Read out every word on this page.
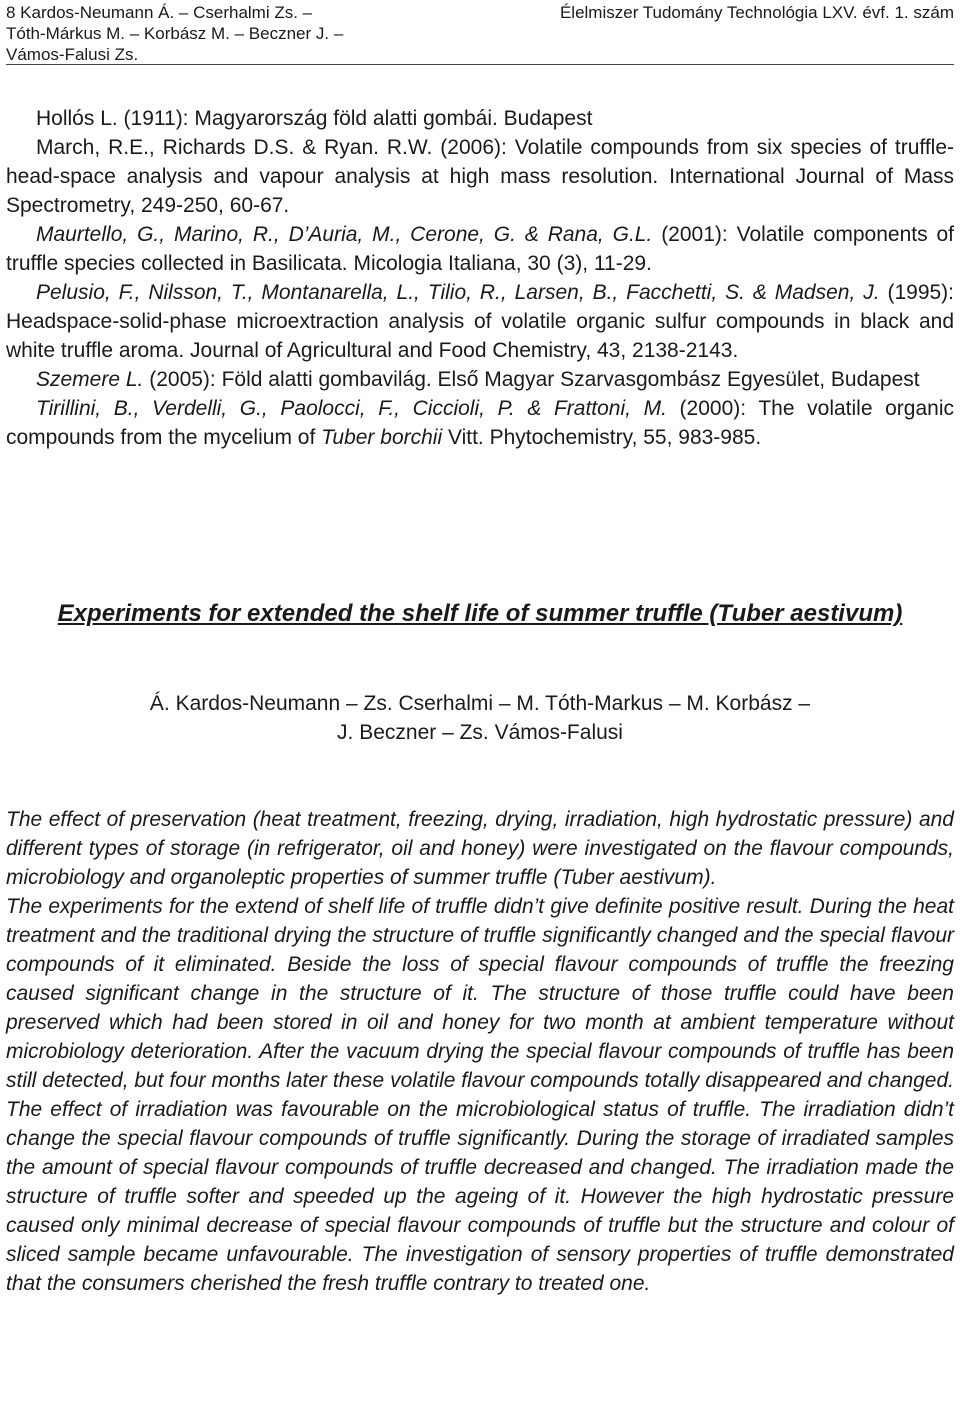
8 Kardos-Neumann Á. – Cserhalmi Zs. –
Tóth-Márkus M. – Korbász M. – Beczner J. –
Vámos-Falusi Zs.
Élelmiszer Tudomány Technológia LXV. évf. 1. szám

Hollós L. (1911): Magyarország föld alatti gombái. Budapest

March, R.E., Richards D.S. & Ryan. R.W. (2006): Volatile compounds from six species of truffle- head-space analysis and vapour analysis at high mass resolution. International Journal of Mass Spectrometry, 249-250, 60-67.

Maurtello, G., Marino, R., D’Auria, M., Cerone, G. & Rana, G.L. (2001): Volatile components of truffle species collected in Basilicata. Micologia Italiana, 30 (3), 11-29.

Pelusio, F., Nilsson, T., Montanarella, L., Tilio, R., Larsen, B., Facchetti, S. & Madsen, J. (1995): Headspace-solid-phase microextraction analysis of volatile organic sulfur compounds in black and white truffle aroma. Journal of Agricultural and Food Chemistry, 43, 2138-2143.

Szemere L. (2005): Föld alatti gombavilág. Első Magyar Szarvasgombász Egyesület, Budapest

Tirillini, B., Verdelli, G., Paolocci, F., Ciccioli, P. & Frattoni, M. (2000): The volatile organic compounds from the mycelium of Tuber borchii Vitt. Phytochemistry, 55, 983-985.

Experiments for extended the shelf life of summer truffle (Tuber aestivum)
Á. Kardos-Neumann – Zs. Cserhalmi – M. Tóth-Markus – M. Korbász –
J. Beczner – Zs. Vámos-Falusi

The effect of preservation (heat treatment, freezing, drying, irradiation, high hydrostatic pressure) and different types of storage (in refrigerator, oil and honey) were investigated on the flavour compounds, microbiology and organoleptic properties of summer truffle (Tuber aestivum).

The experiments for the extend of shelf life of truffle didn’t give definite positive result. During the heat treatment and the traditional drying the structure of truffle significantly changed and the special flavour compounds of it eliminated. Beside the loss of special flavour compounds of truffle the freezing caused significant change in the structure of it. The structure of those truffle could have been preserved which had been stored in oil and honey for two month at ambient temperature without microbiology deterioration. After the vacuum drying the special flavour compounds of truffle has been still detected, but four months later these volatile flavour compounds totally disappeared and changed. The effect of irradiation was favourable on the microbiological status of truffle. The irradiation didn’t change the special flavour compounds of truffle significantly. During the storage of irradiated samples the amount of special flavour compounds of truffle decreased and changed. The irradiation made the structure of truffle softer and speeded up the ageing of it. However the high hydrostatic pressure caused only minimal decrease of special flavour compounds of truffle but the structure and colour of sliced sample became unfavourable. The investigation of sensory properties of truffle demonstrated that the consumers cherished the fresh truffle contrary to treated one.
